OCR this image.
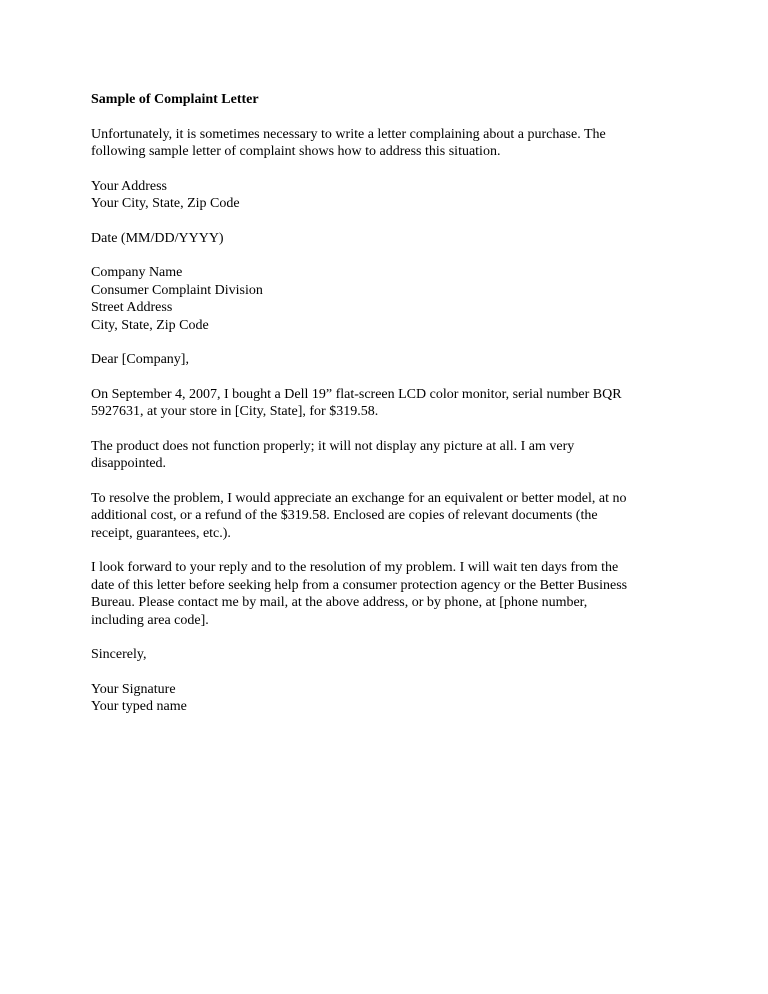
Sample of Complaint Letter
Unfortunately, it is sometimes necessary to write a letter complaining about a purchase. The
following sample letter of complaint shows how to address this situation.
Your Address
Your City, State, Zip Code
Date (MM/DD/YYYY)
Company Name
Consumer Complaint Division
Street Address
City, State, Zip Code
Dear [Company],
On September 4, 2007, I bought a Dell 19” flat-screen LCD color monitor, serial number BQR
5927631, at your store in [City, State], for $319.58.
The product does not function properly; it will not display any picture at all. I am very
disappointed.
To resolve the problem, I would appreciate an exchange for an equivalent or better model, at no
additional cost, or a refund of the $319.58. Enclosed are copies of relevant documents (the
receipt, guarantees, etc.).
I look forward to your reply and to the resolution of my problem. I will wait ten days from the
date of this letter before seeking help from a consumer protection agency or the Better Business
Bureau. Please contact me by mail, at the above address, or by phone, at [phone number,
including area code].
Sincerely,
Your Signature
Your typed name
